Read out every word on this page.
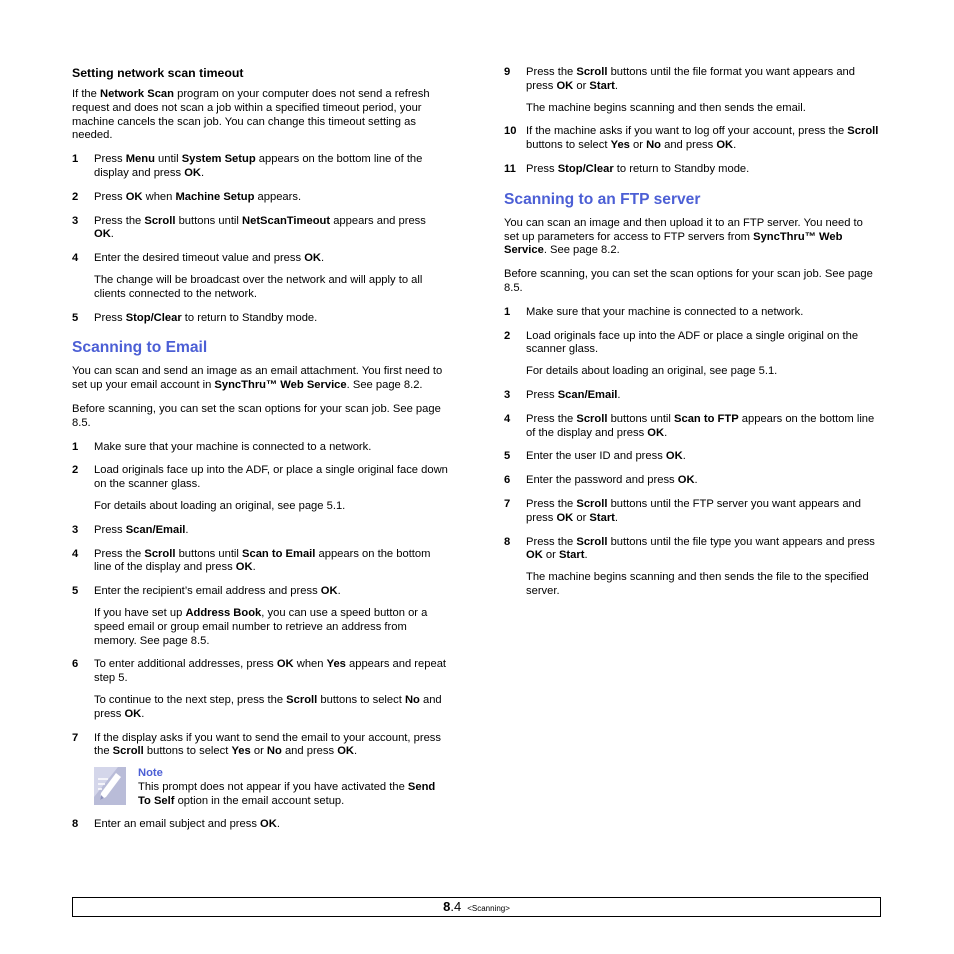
Setting network scan timeout

If the Network Scan program on your computer does not send a refresh request and does not scan a job within a specified timeout period, your machine cancels the scan job. You can change this timeout setting as needed.

1	Press Menu until System Setup appears on the bottom line of the display and press OK.
2	Press OK when Machine Setup appears.
3	Press the Scroll buttons until NetScanTimeout appears and press OK.
4	Enter the desired timeout value and press OK.

The change will be broadcast over the network and will apply to all clients connected to the network.

5	Press Stop/Clear to return to Standby mode.
Scanning to Email

You can scan and send an image as an email attachment. You first need to set up your email account in SyncThru™ Web Service. See page 8.2.

Before scanning, you can set the scan options for your scan job. See page 8.5.

1	Make sure that your machine is connected to a network.
2	Load originals face up into the ADF, or place a single original face down on the scanner glass.

For details about loading an original, see page 5.1.

3	Press Scan/Email.
4	Press the Scroll buttons until Scan to Email appears on the bottom line of the display and press OK.
5	Enter the recipient’s email address and press OK.

If you have set up Address Book, you can use a speed button or a speed email or group email number to retrieve an address from memory. See page 8.5.

6	To enter additional addresses, press OK when Yes appears and repeat step 5.

To continue to the next step, press the Scroll buttons to select No and press OK.

7	If the display asks if you want to send the email to your account, press the Scroll buttons to select Yes or No and press OK.
Note

This prompt does not appear if you have activated the Send To Self option in the email account setup.

8	Enter an email subject and press OK.
9	Press the Scroll buttons until the file format you want appears and press OK or Start.

The machine begins scanning and then sends the email.

10 If the machine asks if you want to log off your account, press the Scroll buttons to select Yes or No and press OK.
11 Press Stop/Clear to return to Standby mode.
Scanning to an FTP server

You can scan an image and then upload it to an FTP server. You need to set up parameters for access to FTP servers from SyncThru™ Web Service. See page 8.2.

Before scanning, you can set the scan options for your scan job. See page 8.5.

1	Make sure that your machine is connected to a network.
2	Load originals face up into the ADF or place a single original on the scanner glass.

For details about loading an original, see page 5.1.

3	Press Scan/Email.
4	Press the Scroll buttons until Scan to FTP appears on the bottom line of the display and press OK.
5	Enter the user ID and press OK.
6	Enter the password and press OK.
7	Press the Scroll buttons until the FTP server you want appears and press OK or Start.
8	Press the Scroll buttons until the file type you want appears and press OK or Start.

The machine begins scanning and then sends the file to the specified server.

8.4 <Scanning>
